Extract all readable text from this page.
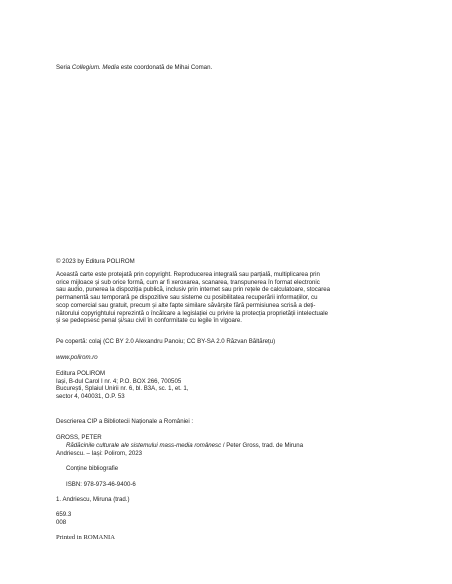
Seria Collegium. Media este coordonată de Mihai Coman.
© 2023 by Editura POLIROM
Această carte este protejată prin copyright. Reproducerea integrală sau parțială, multiplicarea prin
orice mijloace și sub orice formă, cum ar fi xeroxarea, scanarea, transpunerea în format electronic
sau audio, punerea la dispoziția publică, inclusiv prin internet sau prin rețele de calculatoare, stocarea
permanentă sau temporară pe dispozitive sau sisteme cu posibilitatea recuperării informațiilor, cu
scop comercial sau gratuit, precum și alte fapte similare săvârșite fără permisiunea scrisă a deți-
nătorului copyrightului reprezintă o încălcare a legislației cu privire la protecția proprietății intelectuale
și se pedepsesc penal și/sau civil în conformitate cu legile în vigoare.
Pe copertă: colaj (CC BY 2.0 Alexandru Panoiu; CC BY-SA 2.0 Răzvan Băltărețu)
www.polirom.ro
Editura POLIROM
Iași, B-dul Carol I nr. 4; P.O. BOX 266, 700505
București, Splaiul Unirii nr. 6, bl. B3A, sc. 1, et. 1,
sector 4, 040031, O.P. 53
Descrierea CIP a Bibliotecii Naționale a României :
GROSS, PETER
Rădăcinile culturale ale sistemului mass-media românesc / Peter Gross, trad. de Miruna
Andriescu. – Iași: Polirom, 2023
Conține bibliografie
ISBN: 978-973-46-9400-6
1. Andriescu, Miruna (trad.)
659.3
008
Printed in ROMANIA
